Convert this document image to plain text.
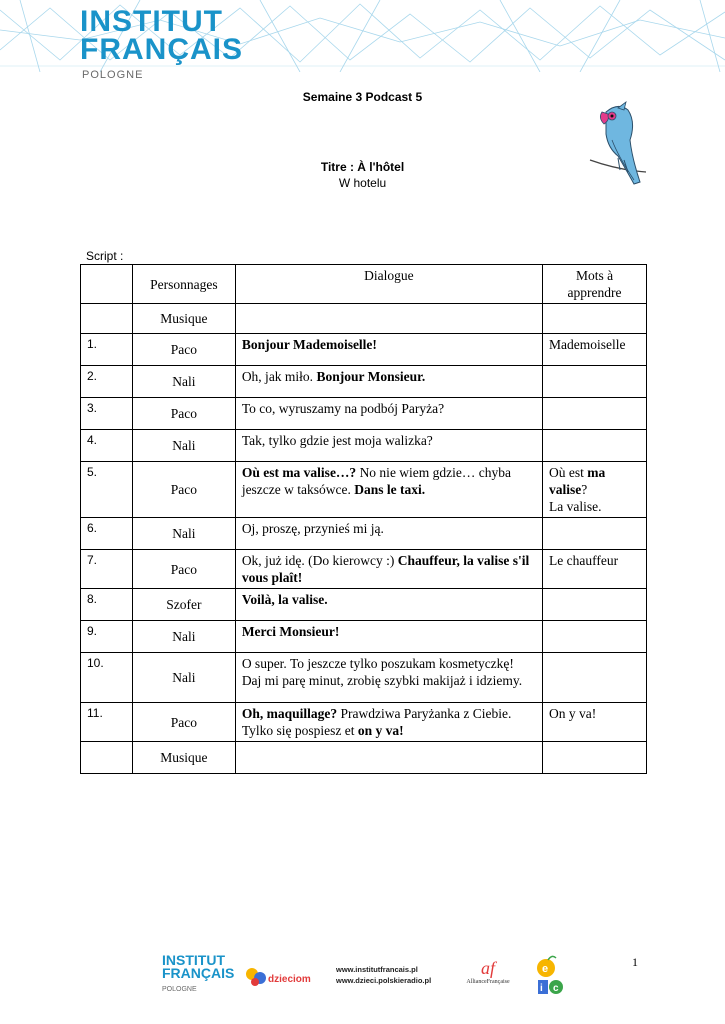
INSTITUT
FRANÇAIS
POLOGNE
Semaine 3 Podcast 5
Titre : À l'hôtel
W hotelu
Script :
	Personnages	Dialogue	Mots à
apprendre
	Musique		
1.	Paco	Bonjour Mademoiselle!	Mademoiselle
2.	Nali	Oh, jak miło. Bonjour Monsieur.	
3.	Paco	To co, wyruszamy na podbój Paryża?	
4.	Nali	Tak, tylko gdzie jest moja walizka?	
5.	Paco	Où est ma valise…? No nie wiem gdzie… chyba jeszcze w taksówce. Dans le taxi.	Où est ma valise?
La valise.
6.	Nali	Oj, proszę, przynieś mi ją.	
7.	Paco	Ok, już idę. (Do kierowcy :) Chauffeur, la valise s'il vous plaît!	Le chauffeur
8.	Szofer	Voilà, la valise.	
9.	Nali	Merci Monsieur!	
10.	Nali	O super. To jeszcze tylko poszukam kosmetyczkę! Daj mi parę minut, zrobię szybki makijaż i idziemy.	
11.	Paco	Oh, maquillage? Prawdziwa Paryżanka z Ciebie. Tylko się pospiesz et on y va!	On y va!
	Musique		
INSTITUT
FRANÇAIS
POLOGNE
dzieciom
www.institutfrancais.pl
www.dzieci.polskieradio.pl
af
AllianceFrançaise
e
i c
1
